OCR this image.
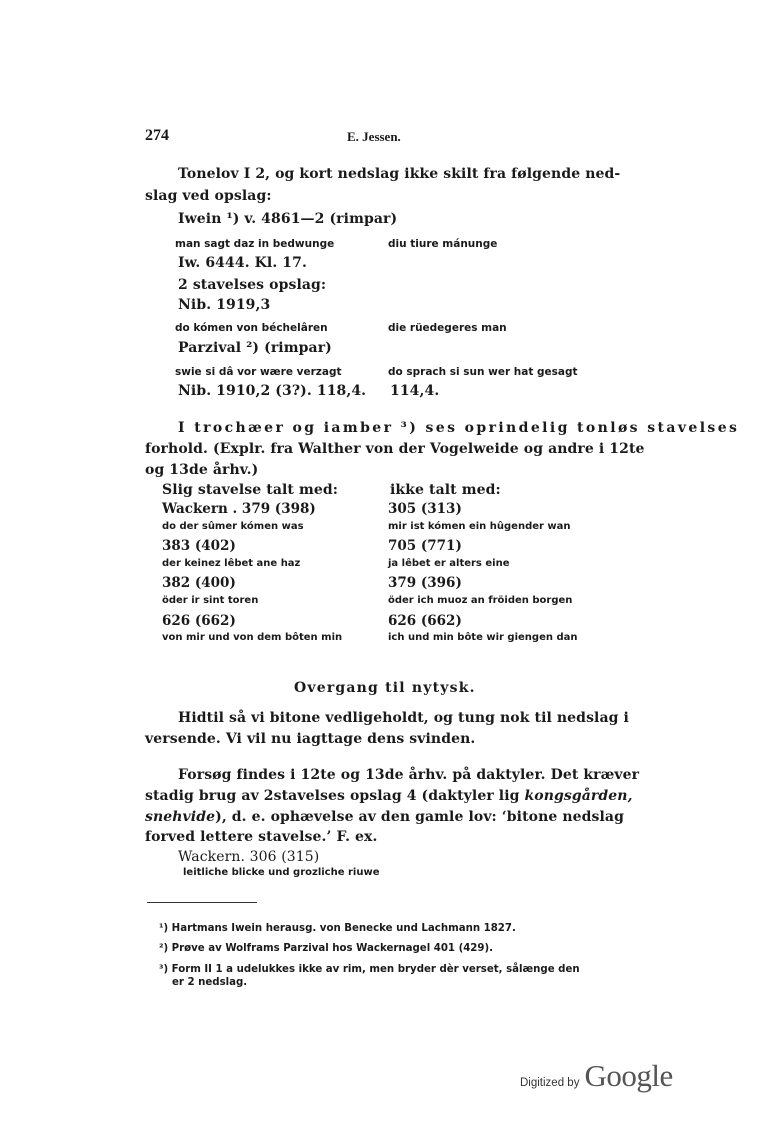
274	E. Jessen.
Tonelov I 2, og kort nedslag ikke skilt fra følgende ned-
slag ved opslag:
Iwein ¹) v. 4861—2 (rimpar)
man sagt daz in bedwunge	diu tiure mánunge
Iw. 6444. Kl. 17.
2 stavelses opslag:
Nib. 1919,3
do kómen von béchelâren	die rüedegeres man
Parzival ²) (rimpar)
swie si dâ vor wære verzagt	do sprach si sun wer hat gesagt
Nib. 1910,2 (3?). 118,4. 114,4.
I trochæer og iamber ³) ses oprindelig tonløs stavelses
forhold. (Explr. fra Walther von der Vogelweide og andre i 12te
og 13de århv.)
Slig stavelse talt med:	ikke talt med:
Wackern . 379 (398)	305 (313)
do der sûmer kómen was	mir ist kómen ein hûgender wan
383 (402)	705 (771)
der keinez lêbet ane haz	ja lêbet er alters eine
382 (400)	379 (396)
öder ir sint toren	öder ich muoz an fröiden borgen
626 (662)	626 (662)
von mir und von dem bôten min	ich und min bôte wir giengen dan
Overgang til nytysk.
Hidtil så vi bitone vedligeholdt, og tung nok til nedslag i
versende. Vi vil nu iagttage dens svinden.
Forsøg findes i 12te og 13de århv. på daktyler. Det kræver
stadig brug av 2stavelses opslag 4 (daktyler lig kongsgården,
snehvide), d. e. ophævelse av den gamle lov: ‘bitone nedslag
forved lettere stavelse.’ F. ex.
Wackern. 306 (315)
leitliche blicke und grozliche riuwe
¹) Hartmans Iwein herausg. von Benecke und Lachmann 1827.
²) Prøve av Wolframs Parzival hos Wackernagel 401 (429).
³) Form II 1 a udelukkes ikke av rim, men bryder dèr verset, sålænge den
er 2 nedslag.
Digitized by Google
